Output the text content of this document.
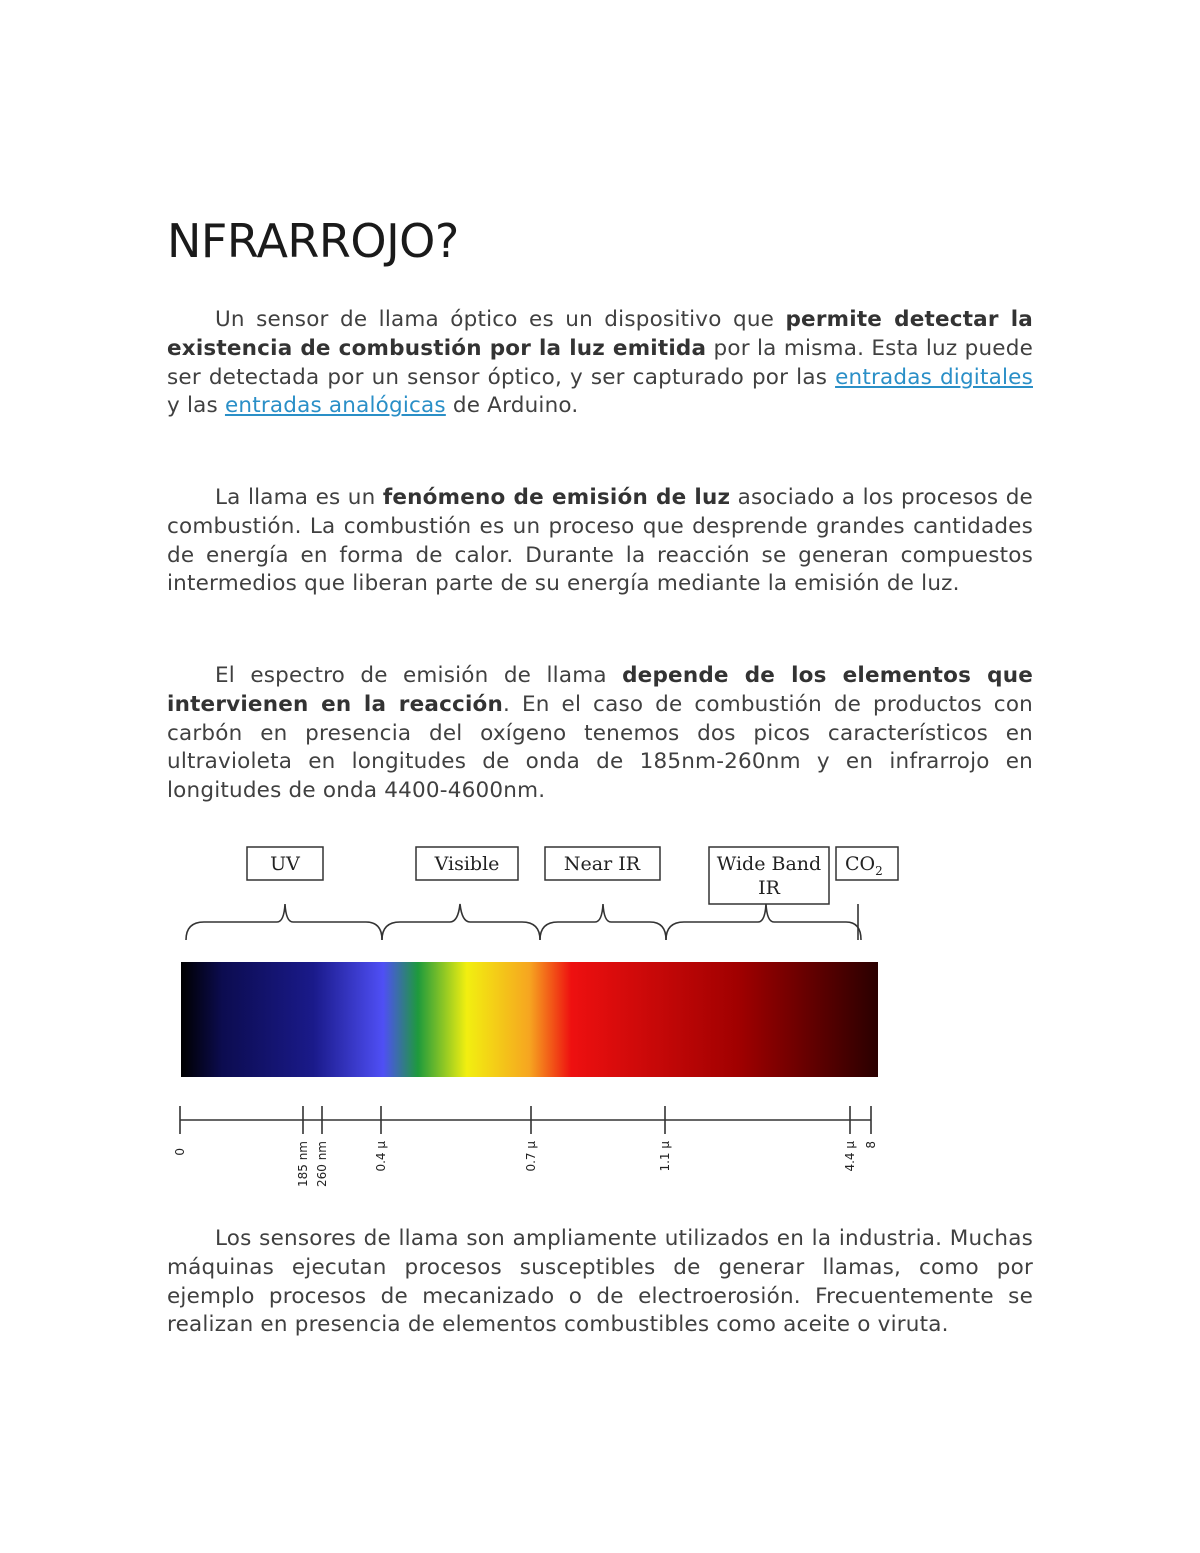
NFRARROJO?

Un sensor de llama óptico es un dispositivo que permite detectar la existencia de combustión por la luz emitida por la misma. Esta luz puede ser detectada por un sensor óptico, y ser capturado por las entradas digitales y las entradas analógicas de Arduino.

La llama es un fenómeno de emisión de luz asociado a los procesos de combustión. La combustión es un proceso que desprende grandes cantidades de energía en forma de calor. Durante la reacción se generan compuestos intermedios que liberan parte de su energía mediante la emisión de luz.

El espectro de emisión de llama depende de los elementos que intervienen en la reacción. En el caso de combustión de productos con carbón en presencia del oxígeno tenemos dos picos característicos en ultravioleta en longitudes de onda de 185nm-260nm y en infrarrojo en longitudes de onda 4400-4600nm.

UV	Visible	Near IR	Wide Band
IR
$CO_2$
0	185 nm 260 nm	0.4 μ	0.7 μ	1.1 μ	4.4 μ 8

Los sensores de llama son ampliamente utilizados en la industria. Muchas máquinas ejecutan procesos susceptibles de generar llamas, como por ejemplo procesos de mecanizado o de electroerosión. Frecuentemente se realizan en presencia de elementos combustibles como aceite o viruta.
